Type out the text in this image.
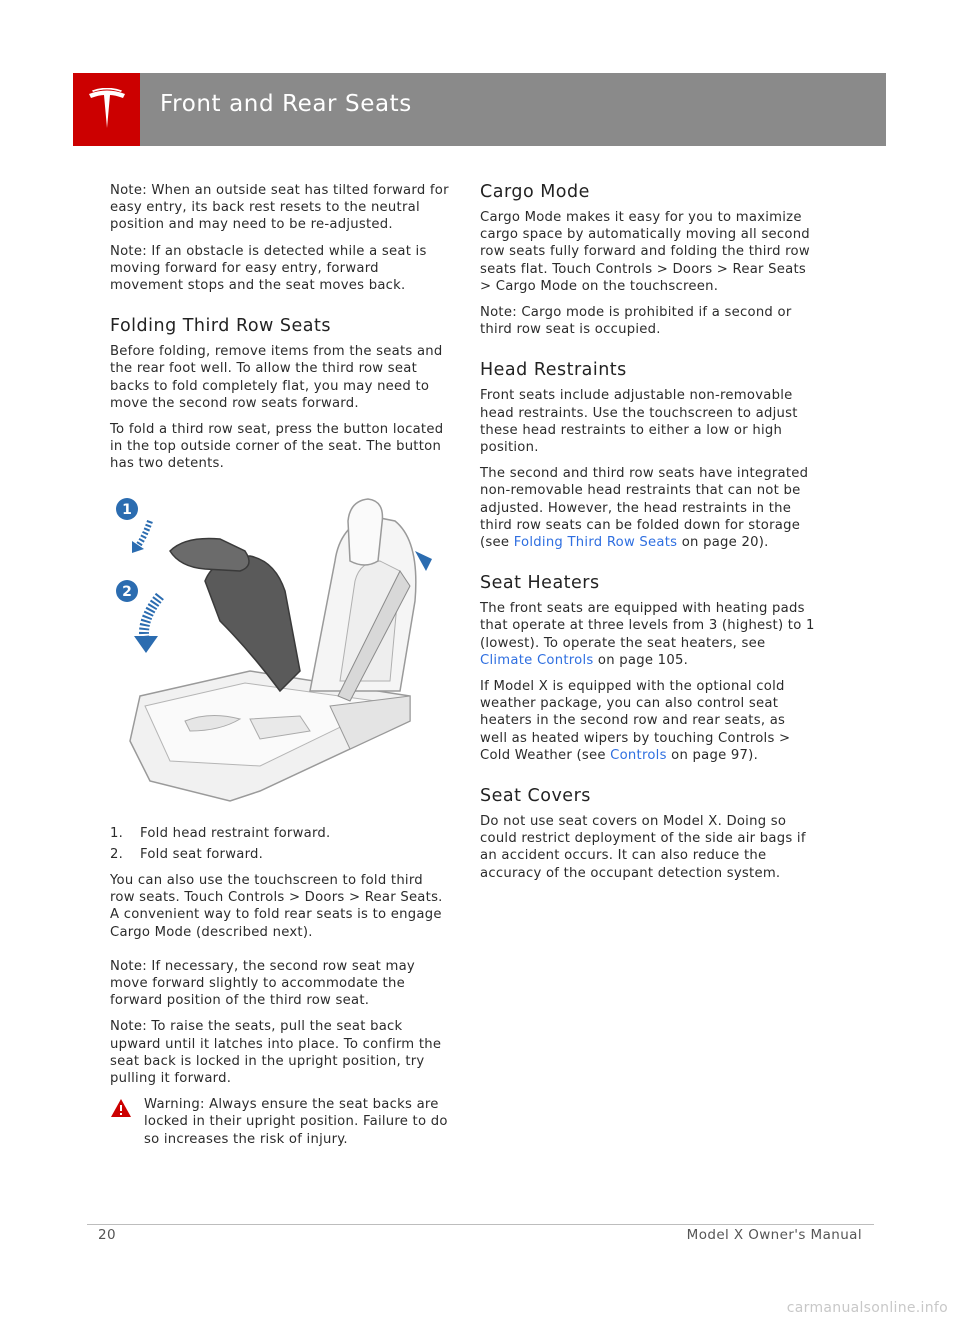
Front and Rear Seats

Note: When an outside seat has tilted forward for easy entry, its back rest resets to the neutral position and may need to be re-adjusted.

Note: If an obstacle is detected while a seat is moving forward for easy entry, forward movement stops and the seat moves back.

Folding Third Row Seats

Before folding, remove items from the seats and the rear foot well. To allow the third row seat backs to fold completely flat, you may need to move the second row seats forward.

To fold a third row seat, press the button located in the top outside corner of the seat. The button has two detents.

1
2
1.	Fold head restraint forward.
2.	Fold seat forward.

You can also use the touchscreen to fold third row seats. Touch Controls > Doors > Rear Seats. A convenient way to fold rear seats is to engage Cargo Mode (described next).

Note: If necessary, the second row seat may move forward slightly to accommodate the forward position of the third row seat.

Note: To raise the seats, pull the seat back upward until it latches into place. To confirm the seat back is locked in the upright position, try pulling it forward.

Warning: Always ensure the seat backs are locked in their upright position. Failure to do so increases the risk of injury.

Cargo Mode

Cargo Mode makes it easy for you to maximize cargo space by automatically moving all second row seats fully forward and folding the third row seats flat. Touch Controls > Doors > Rear Seats > Cargo Mode on the touchscreen.

Note: Cargo mode is prohibited if a second or third row seat is occupied.

Head Restraints

Front seats include adjustable non-removable head restraints. Use the touchscreen to adjust these head restraints to either a low or high position.

The second and third row seats have integrated non-removable head restraints that can not be adjusted. However, the head restraints in the third row seats can be folded down for storage (see Folding Third Row Seats on page 20).

Seat Heaters

The front seats are equipped with heating pads that operate at three levels from 3 (highest) to 1 (lowest). To operate the seat heaters, see Climate Controls on page 105.

If Model X is equipped with the optional cold weather package, you can also control seat heaters in the second row and rear seats, as well as heated wipers by touching Controls > Cold Weather (see Controls on page 97).

Seat Covers

Do not use seat covers on Model X. Doing so could restrict deployment of the side air bags if an accident occurs. It can also reduce the accuracy of the occupant detection system.

20	Model X Owner's Manual
carmanualsonline.info
